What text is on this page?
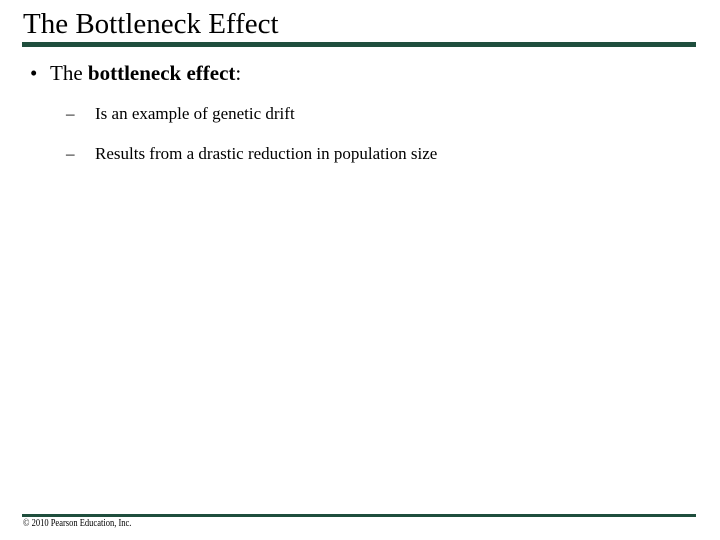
The Bottleneck Effect
• The bottleneck effect:
– Is an example of genetic drift
– Results from a drastic reduction in population size
© 2010 Pearson Education, Inc.
